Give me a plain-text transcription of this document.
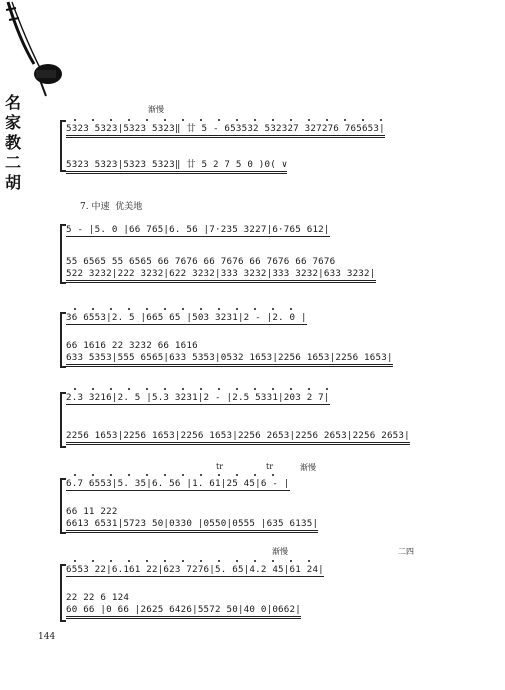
名
家
教
二
胡
渐慢
5323 5323|5323 5323‖ 廿 5 - 653532 532327 327276 765653|
5323 5323|5323 5323‖ 廿 5 2 7 5 0 )0( ∨
7. 中速 优美地
5 - |5. 0 |66 765|6. 56 |7·235 3227|6·765 612|
55 6565 55 6565 66 7676 66 7676 66 7676 66 7676
522 3232|222 3232|622 3232|333 3232|333 3232|633 3232|
36 6553|2. 5 |665 65 |503 3231|2 - |2. 0 |
66 1616 22 3232 66 1616
633 5353|555 6565|633 5353|0532 1653|2256 1653|2256 1653|
2.3 3216|2. 5 |5.3 3231|2 - |2.5 5331|203 2 7|
2256 1653|2256 1653|2256 1653|2256 2653|2256 2653|2256 2653|
tr	tr	渐慢
6.7 6553|5. 35|6. 56 |1. 61|25 45|6 - |
66 11 222
6613 6531|5723 50|0330 |0550|0555 |635 6135|
渐慢	二四
6553 22|6.161 22|623 7276|5. 65|4.2 45|61 24|
22 22 6 124
60 66 |0 66 |2625 6426|5572 50|40 0|0662|
144
